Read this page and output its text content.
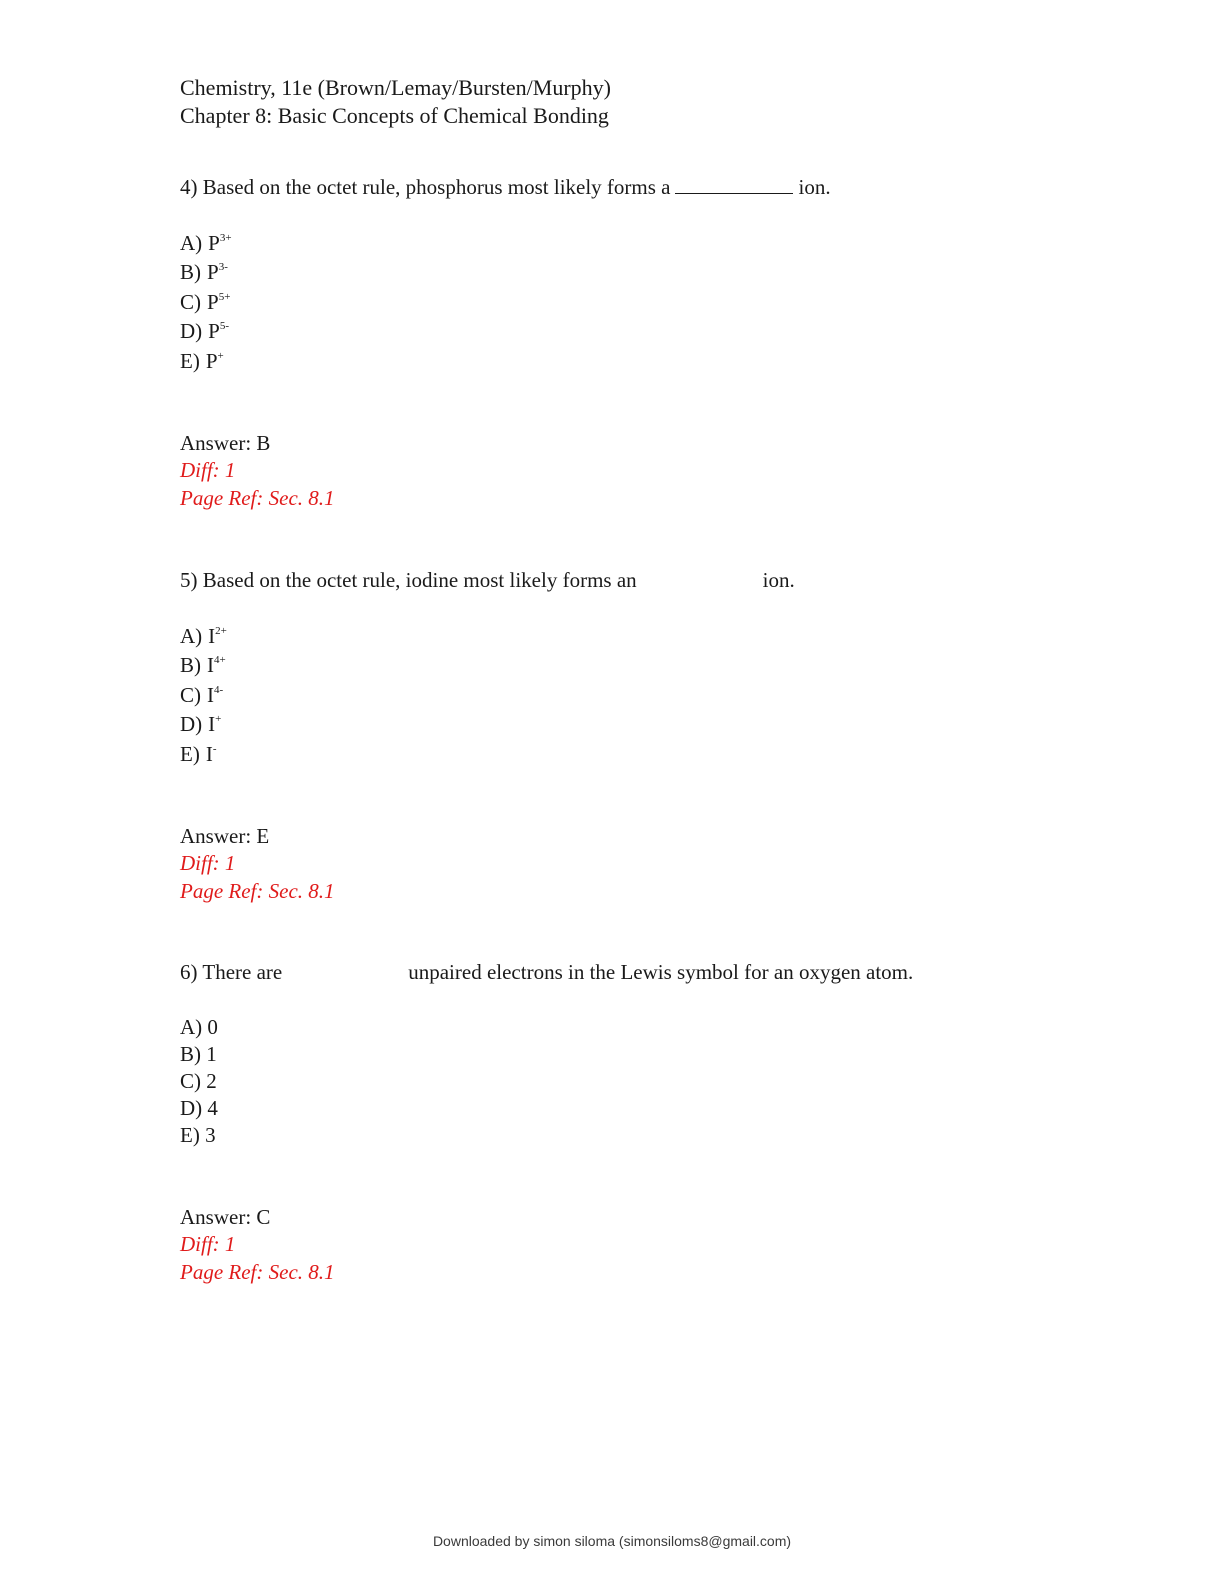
Chemistry, 11e (Brown/Lemay/Bursten/Murphy)
Chapter 8: Basic Concepts of Chemical Bonding
4) Based on the octet rule, phosphorus most likely forms a	ion.
A) $P^{3+}$
B) $P^{3-}$
C) $P^{5+}$
D) $P^{5-}$
E) P+
Answer: B
Diff: 1
Page Ref: Sec. 8.1
5) Based on the octet rule, iodine most likely forms an	ion.
A) $I^{2+}$
B) $I^{4+}$
C) $I^{4-}$
D) I+
E) I-
Answer: E
Diff: 1
Page Ref: Sec. 8.1
6) There are	unpaired electrons in the Lewis symbol for an oxygen atom.
A) 0
B) 1
C) 2
D) 4
E) 3
Answer: C
Diff: 1
Page Ref: Sec. 8.1
Downloaded by simon siloma (simonsiloms8@gmail.com)
